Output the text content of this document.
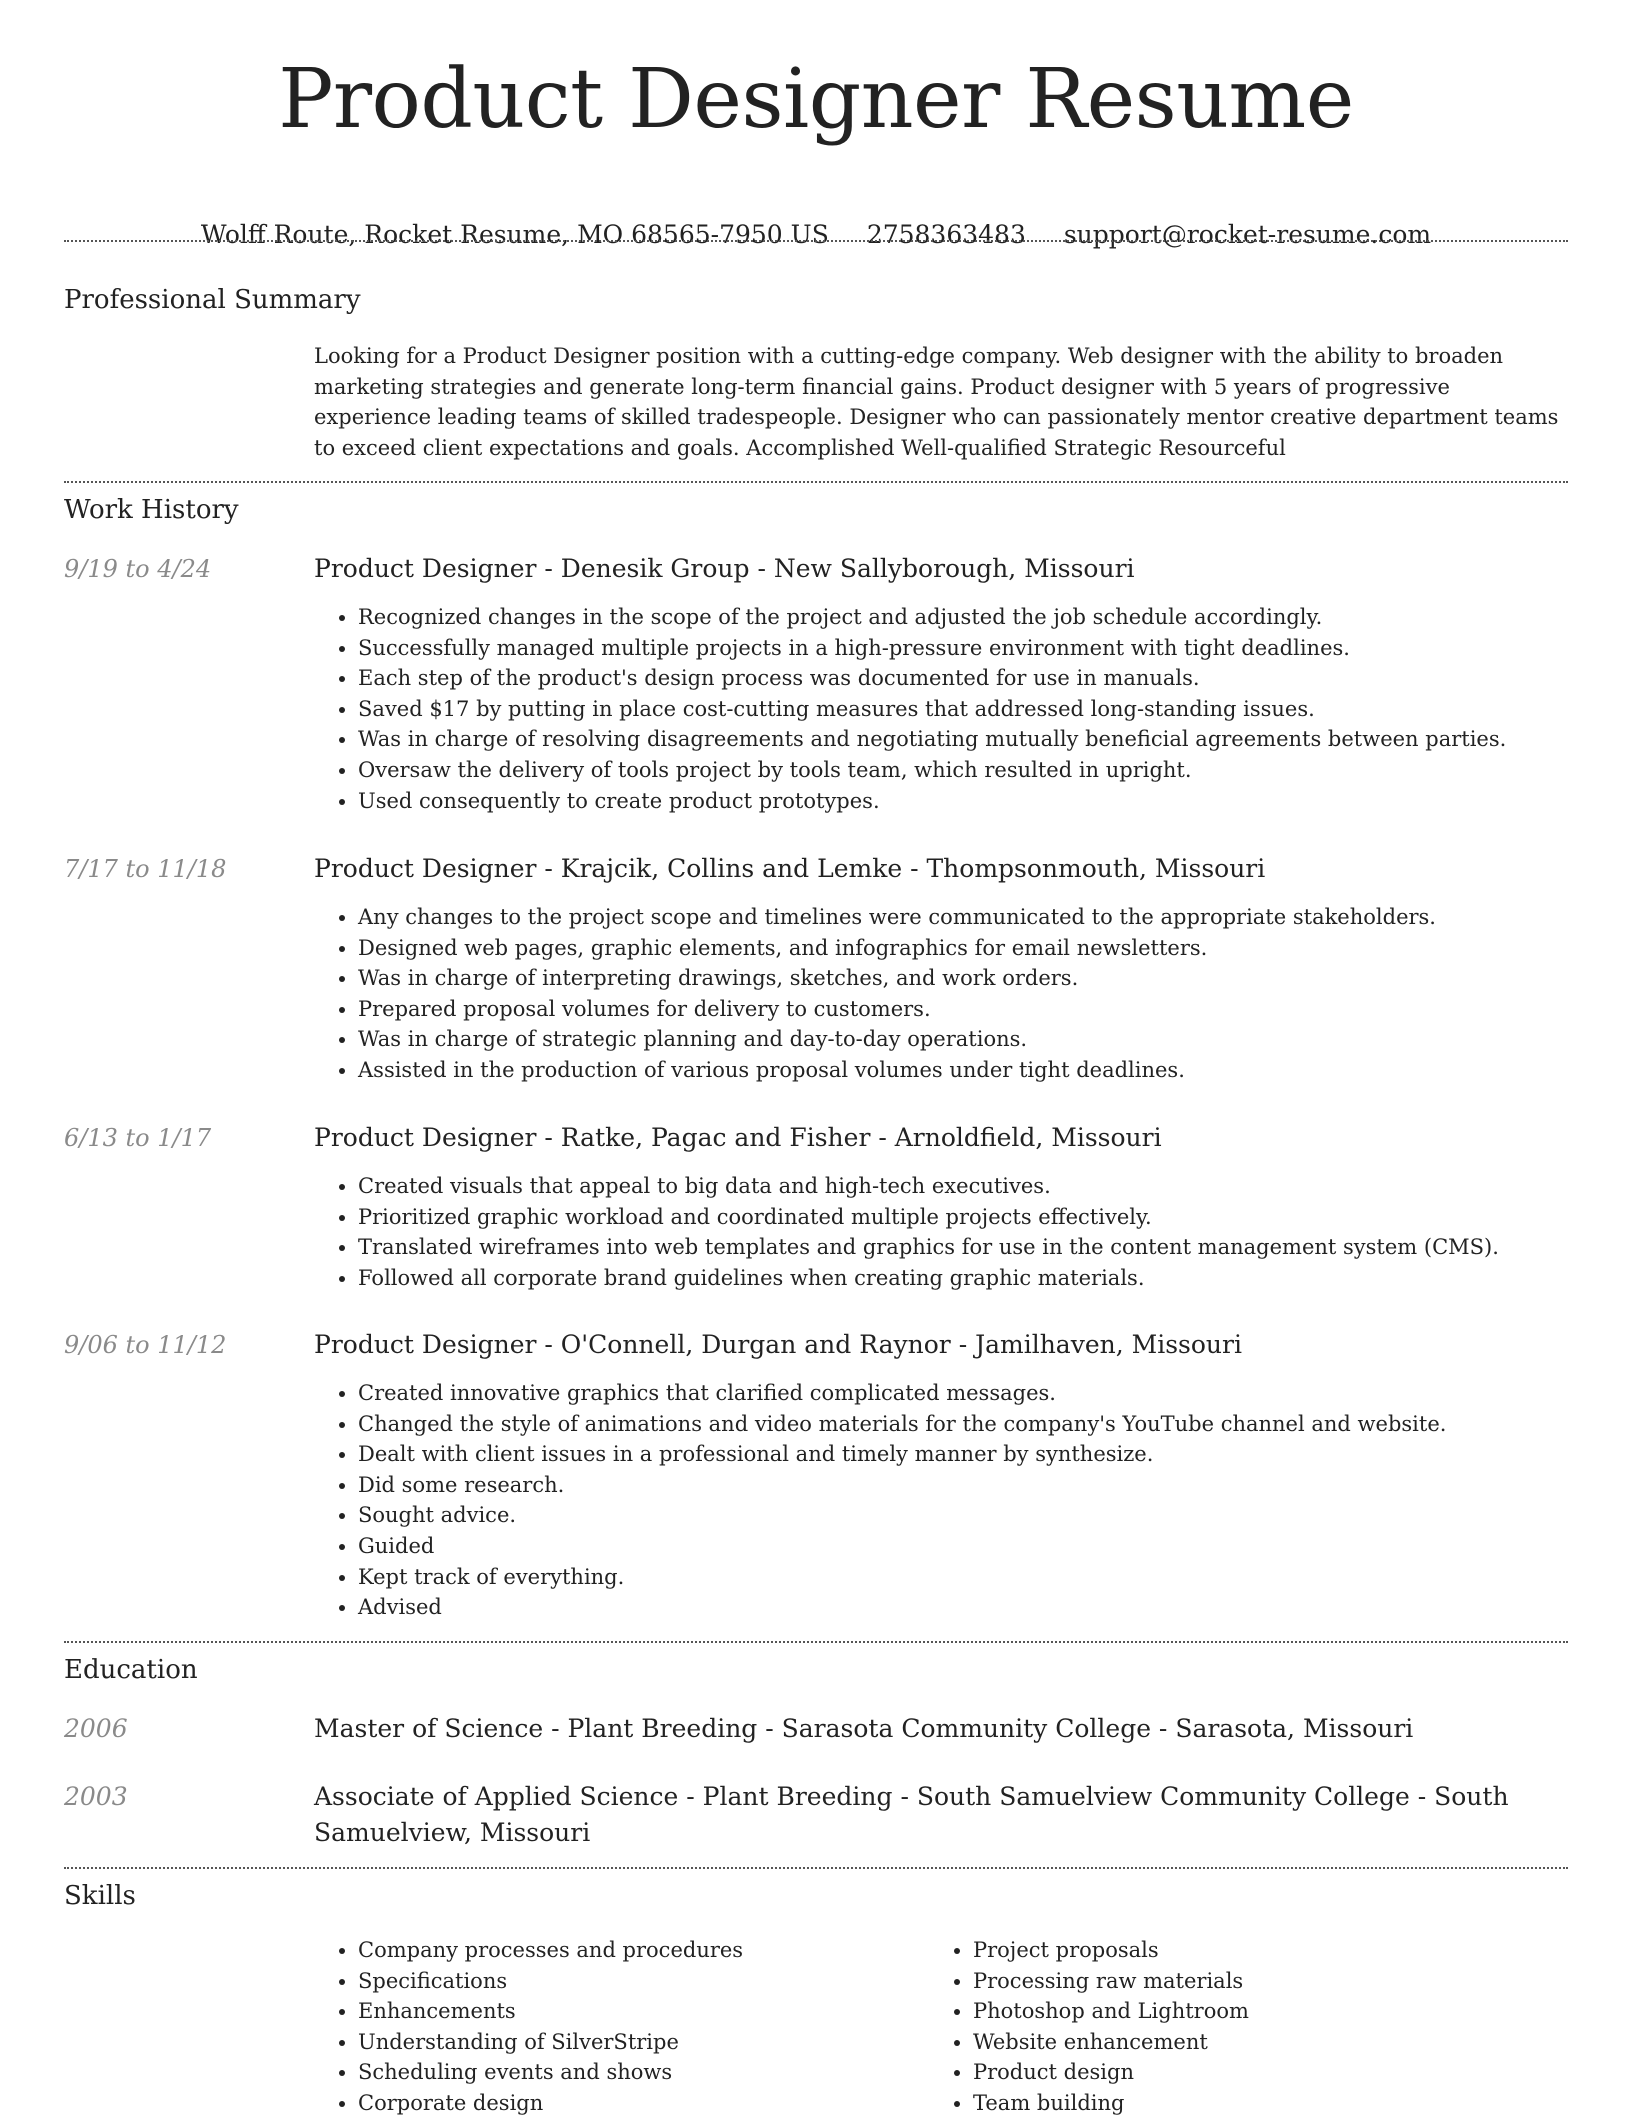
Product Designer Resume
Wolff Route, Rocket Resume, MO 68565-7950 US 2758363483 support@rocket-resume.com
Professional Summary
Looking for a Product Designer position with a cutting-edge company. Web designer with the ability to broaden marketing strategies and generate long-term financial gains. Product designer with 5 years of progressive experience leading teams of skilled tradespeople. Designer who can passionately mentor creative department teams to exceed client expectations and goals. Accomplished Well-qualified Strategic Resourceful
Work History
9/19 to 4/24	Product Designer - Denesik Group - New Sallyborough, Missouri
• Recognized changes in the scope of the project and adjusted the job schedule accordingly.
• Successfully managed multiple projects in a high-pressure environment with tight deadlines.
• Each step of the product's design process was documented for use in manuals.
• Saved $17 by putting in place cost-cutting measures that addressed long-standing issues.
• Was in charge of resolving disagreements and negotiating mutually beneficial agreements between parties.
• Oversaw the delivery of tools project by tools team, which resulted in upright.
• Used consequently to create product prototypes.
7/17 to 11/18	Product Designer - Krajcik, Collins and Lemke - Thompsonmouth, Missouri
• Any changes to the project scope and timelines were communicated to the appropriate stakeholders.
• Designed web pages, graphic elements, and infographics for email newsletters.
• Was in charge of interpreting drawings, sketches, and work orders.
• Prepared proposal volumes for delivery to customers.
• Was in charge of strategic planning and day-to-day operations.
• Assisted in the production of various proposal volumes under tight deadlines.
6/13 to 1/17	Product Designer - Ratke, Pagac and Fisher - Arnoldfield, Missouri
• Created visuals that appeal to big data and high-tech executives.
• Prioritized graphic workload and coordinated multiple projects effectively.
• Translated wireframes into web templates and graphics for use in the content management system (CMS).
• Followed all corporate brand guidelines when creating graphic materials.
9/06 to 11/12	Product Designer - O'Connell, Durgan and Raynor - Jamilhaven, Missouri
• Created innovative graphics that clarified complicated messages.
• Changed the style of animations and video materials for the company's YouTube channel and website.
• Dealt with client issues in a professional and timely manner by synthesize.
• Did some research.
• Sought advice.
• Guided
• Kept track of everything.
• Advised
Education
2006	Master of Science - Plant Breeding - Sarasota Community College - Sarasota, Missouri
2003	Associate of Applied Science - Plant Breeding - South Samuelview Community College - South Samuelview, Missouri
Skills
• Company processes and procedures
• Specifications
• Enhancements
• Understanding of SilverStripe
• Scheduling events and shows
• Corporate design
• Project proposals
• Processing raw materials
• Photoshop and Lightroom
• Website enhancement
• Product design
• Team building
